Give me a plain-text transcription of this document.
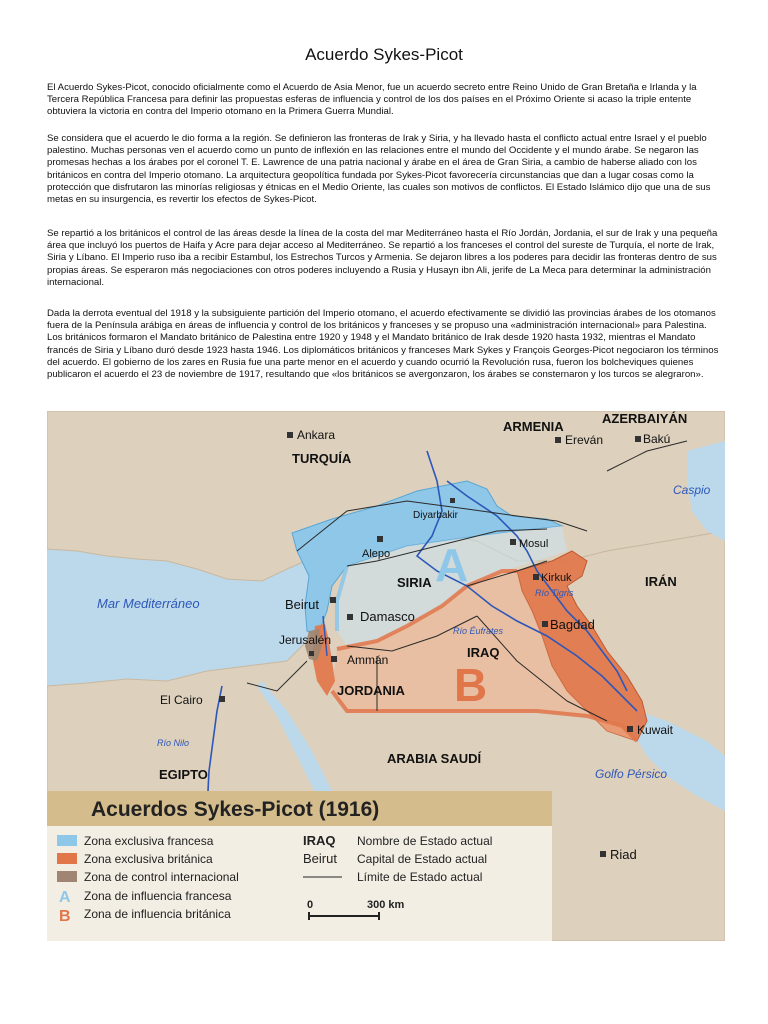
Acuerdo Sykes-Picot

El Acuerdo Sykes-Picot, conocido oficialmente como el Acuerdo de Asia Menor, fue un acuerdo secreto entre Reino Unido de Gran Bretaña e Irlanda y la Tercera República Francesa para definir las propuestas esferas de influencia y control de los dos países en el Próximo Oriente si acaso la triple entente obtuviera la victoria en contra del Imperio otomano en la Primera Guerra Mundial.

Se considera que el acuerdo le dio forma a la región. Se definieron las fronteras de Irak y Siria, y ha llevado hasta el conflicto actual entre Israel y el pueblo palestino. Muchas personas ven el acuerdo como un punto de inflexión en las relaciones entre el mundo del Occidente y el mundo árabe. Se negaron las promesas hechas a los árabes por el coronel T. E. Lawrence de una patria nacional y árabe en el área de Gran Siria, a cambio de haberse aliado con los británicos en contra del Imperio otomano. La arquitectura geopolítica fundada por Sykes-Picot favorecería circunstancias que dan a lugar cosas como la protección que disfrutaron las minorías religiosas y étnicas en el Medio Oriente, las cuales son motivos de conflictos. El Estado Islámico dijo que una de sus metas en su insurgencia, es revertir los efectos de Sykes-Picot.

Se repartió a los británicos el control de las áreas desde la línea de la costa del mar Mediterráneo hasta el Río Jordán, Jordania, el sur de Irak y una pequeña área que incluyó los puertos de Haifa y Acre para dejar acceso al Mediterráneo. Se repartió a los franceses el control del sureste de Turquía, el norte de Irak, Siria y Líbano. El Imperio ruso iba a recibir Estambul, los Estrechos Turcos y Armenia. Se dejaron libres a los poderes para decidir las fronteras dentro de sus propias áreas. Se esperaron más negociaciones con otros poderes incluyendo a Rusia y Husayn ibn Ali, jerife de La Meca para determinar la administración internacional.

Dada la derrota eventual del 1918 y la subsiguiente partición del Imperio otomano, el acuerdo efectivamente se dividió las provincias árabes de los otomanos fuera de la Península arábiga en áreas de influencia y control de los británicos y franceses y se propuso una «administración internacional» para Palestina. Los británicos formaron el Mandato británico de Palestina entre 1920 y 1948 y el Mandato británico de Irak desde 1920 hasta 1932, mientras el Mandato francés de Siria y Líbano duró desde 1923 hasta 1946. Los diplomáticos británicos y franceses Mark Sykes y François Georges-Picot negociaron los términos del acuerdo. El gobierno de los zares en Rusia fue una parte menor en el acuerdo y cuando ocurrió la Revolución rusa, fueron los bolcheviques quienes publicaron el acuerdo el 23 de noviembre de 1917, resultando que «los británicos se avergonzaron, los árabes se consternaron y los turcos se alegraron».

TURQUÍA
ARMENIA
AZERBAIYÁN
SIRIA	IRÁN
IRAQ
JORDANIA
ARABIA SAUDÍ
EGIPTO
A
B
Ankara	Ereván	Bakú
Diyarbakir
Mosul
Alepo
Kirkuk
Beirut
Damasco
Bagdad
Jerusalén
Ammán
El Cairo
Kuwait
Riad
Mar Mediterráneo
Caspio
Golfo Pérsico
Río Tigris
Río Éufrates
Río Nilo
Acuerdos Sykes-Picot (1916)
Zona exclusiva francesa
Zona exclusiva británica
Zona de control internacional
A Zona de influencia francesa
B Zona de influencia británica
IRAQ Nombre de Estado actual
Beirut Capital de Estado actual
Límite de Estado actual
0	300 km
